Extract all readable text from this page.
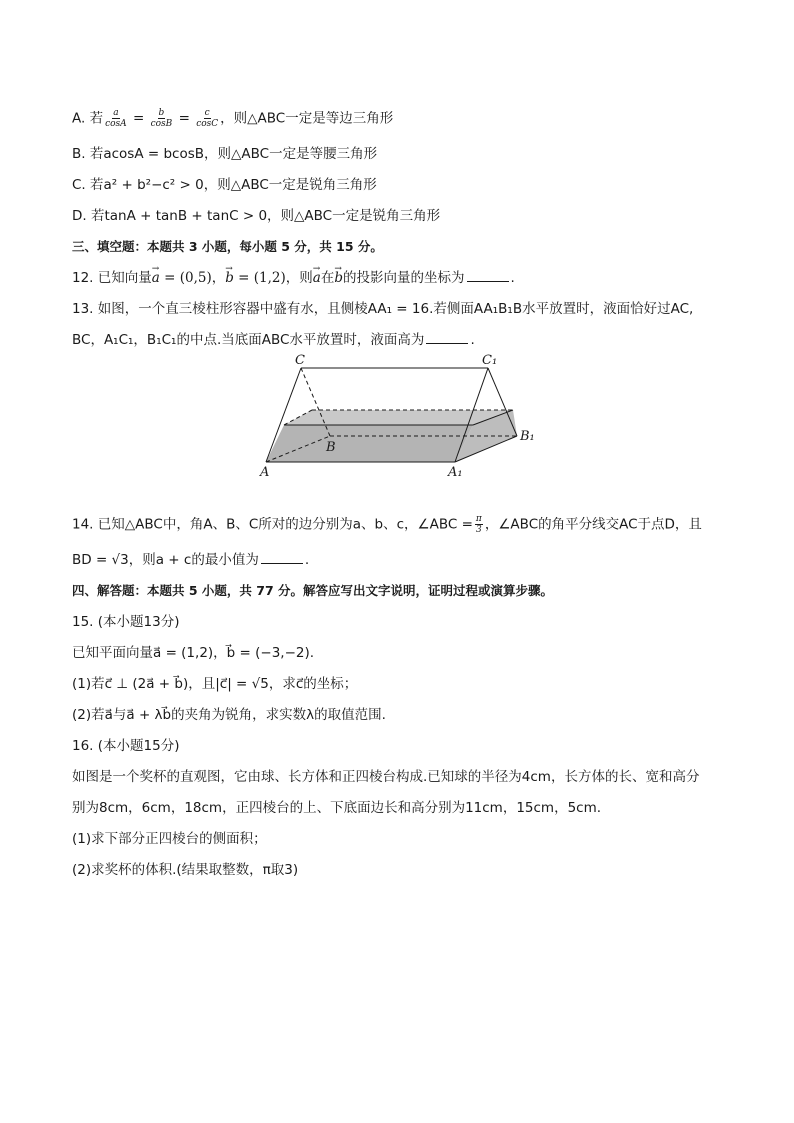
A. 若 $\frac{a}{\cos A} = \frac{b}{\cos B} = \frac{c}{\cos C}$ ，则△ABC一定是等边三角形
B. 若acosA = bcosB，则△ABC一定是等腰三角形
C. 若a² + b²−c² > 0，则△ABC一定是锐角三角形
D. 若tanA + tanB + tanC > 0，则△ABC一定是锐角三角形
三、填空题：本题共 3 小题，每小题 5 分，共 15 分。
12. 已知向量→ a = (0,5)，→ b = (1,2)，则→ a在→ b的投影向量的坐标为	.
13. 如图，一个直三棱柱形容器中盛有水，且侧棱AA₁ = 16.若侧面AA₁B₁B水平放置时，液面恰好过AC,
BC，A₁C₁，B₁C₁的中点.当底面ABC水平放置时，液面高为	.
C	C₁
B
B₁
A	A₁
14. 已知△ABC中，角A、B、C所对的边分别为a、b、c，∠ABC = $\frac{\pi}{3}$ ，∠ABC的角平分线交AC于点D，且
BD = √3，则a + c的最小值为	.
四、解答题：本题共 5 小题，共 77 分。解答应写出文字说明，证明过程或演算步骤。
15. (本小题13分)
已知平面向量a⃗ = (1,2)，b⃗ = (−3,−2).
(1)若c⃗ ⊥ (2a⃗ + b⃗)，且|c⃗| = √5，求c⃗的坐标；
(2)若a⃗与a⃗ + λb⃗的夹角为锐角，求实数λ的取值范围.
16. (本小题15分)
如图是一个奖杯的直观图，它由球、长方体和正四棱台构成.已知球的半径为4cm，长方体的长、宽和高分
别为8cm，6cm，18cm，正四棱台的上、下底面边长和高分别为11cm，15cm，5cm.
(1)求下部分正四棱台的侧面积；
(2)求奖杯的体积.(结果取整数，π取3)
